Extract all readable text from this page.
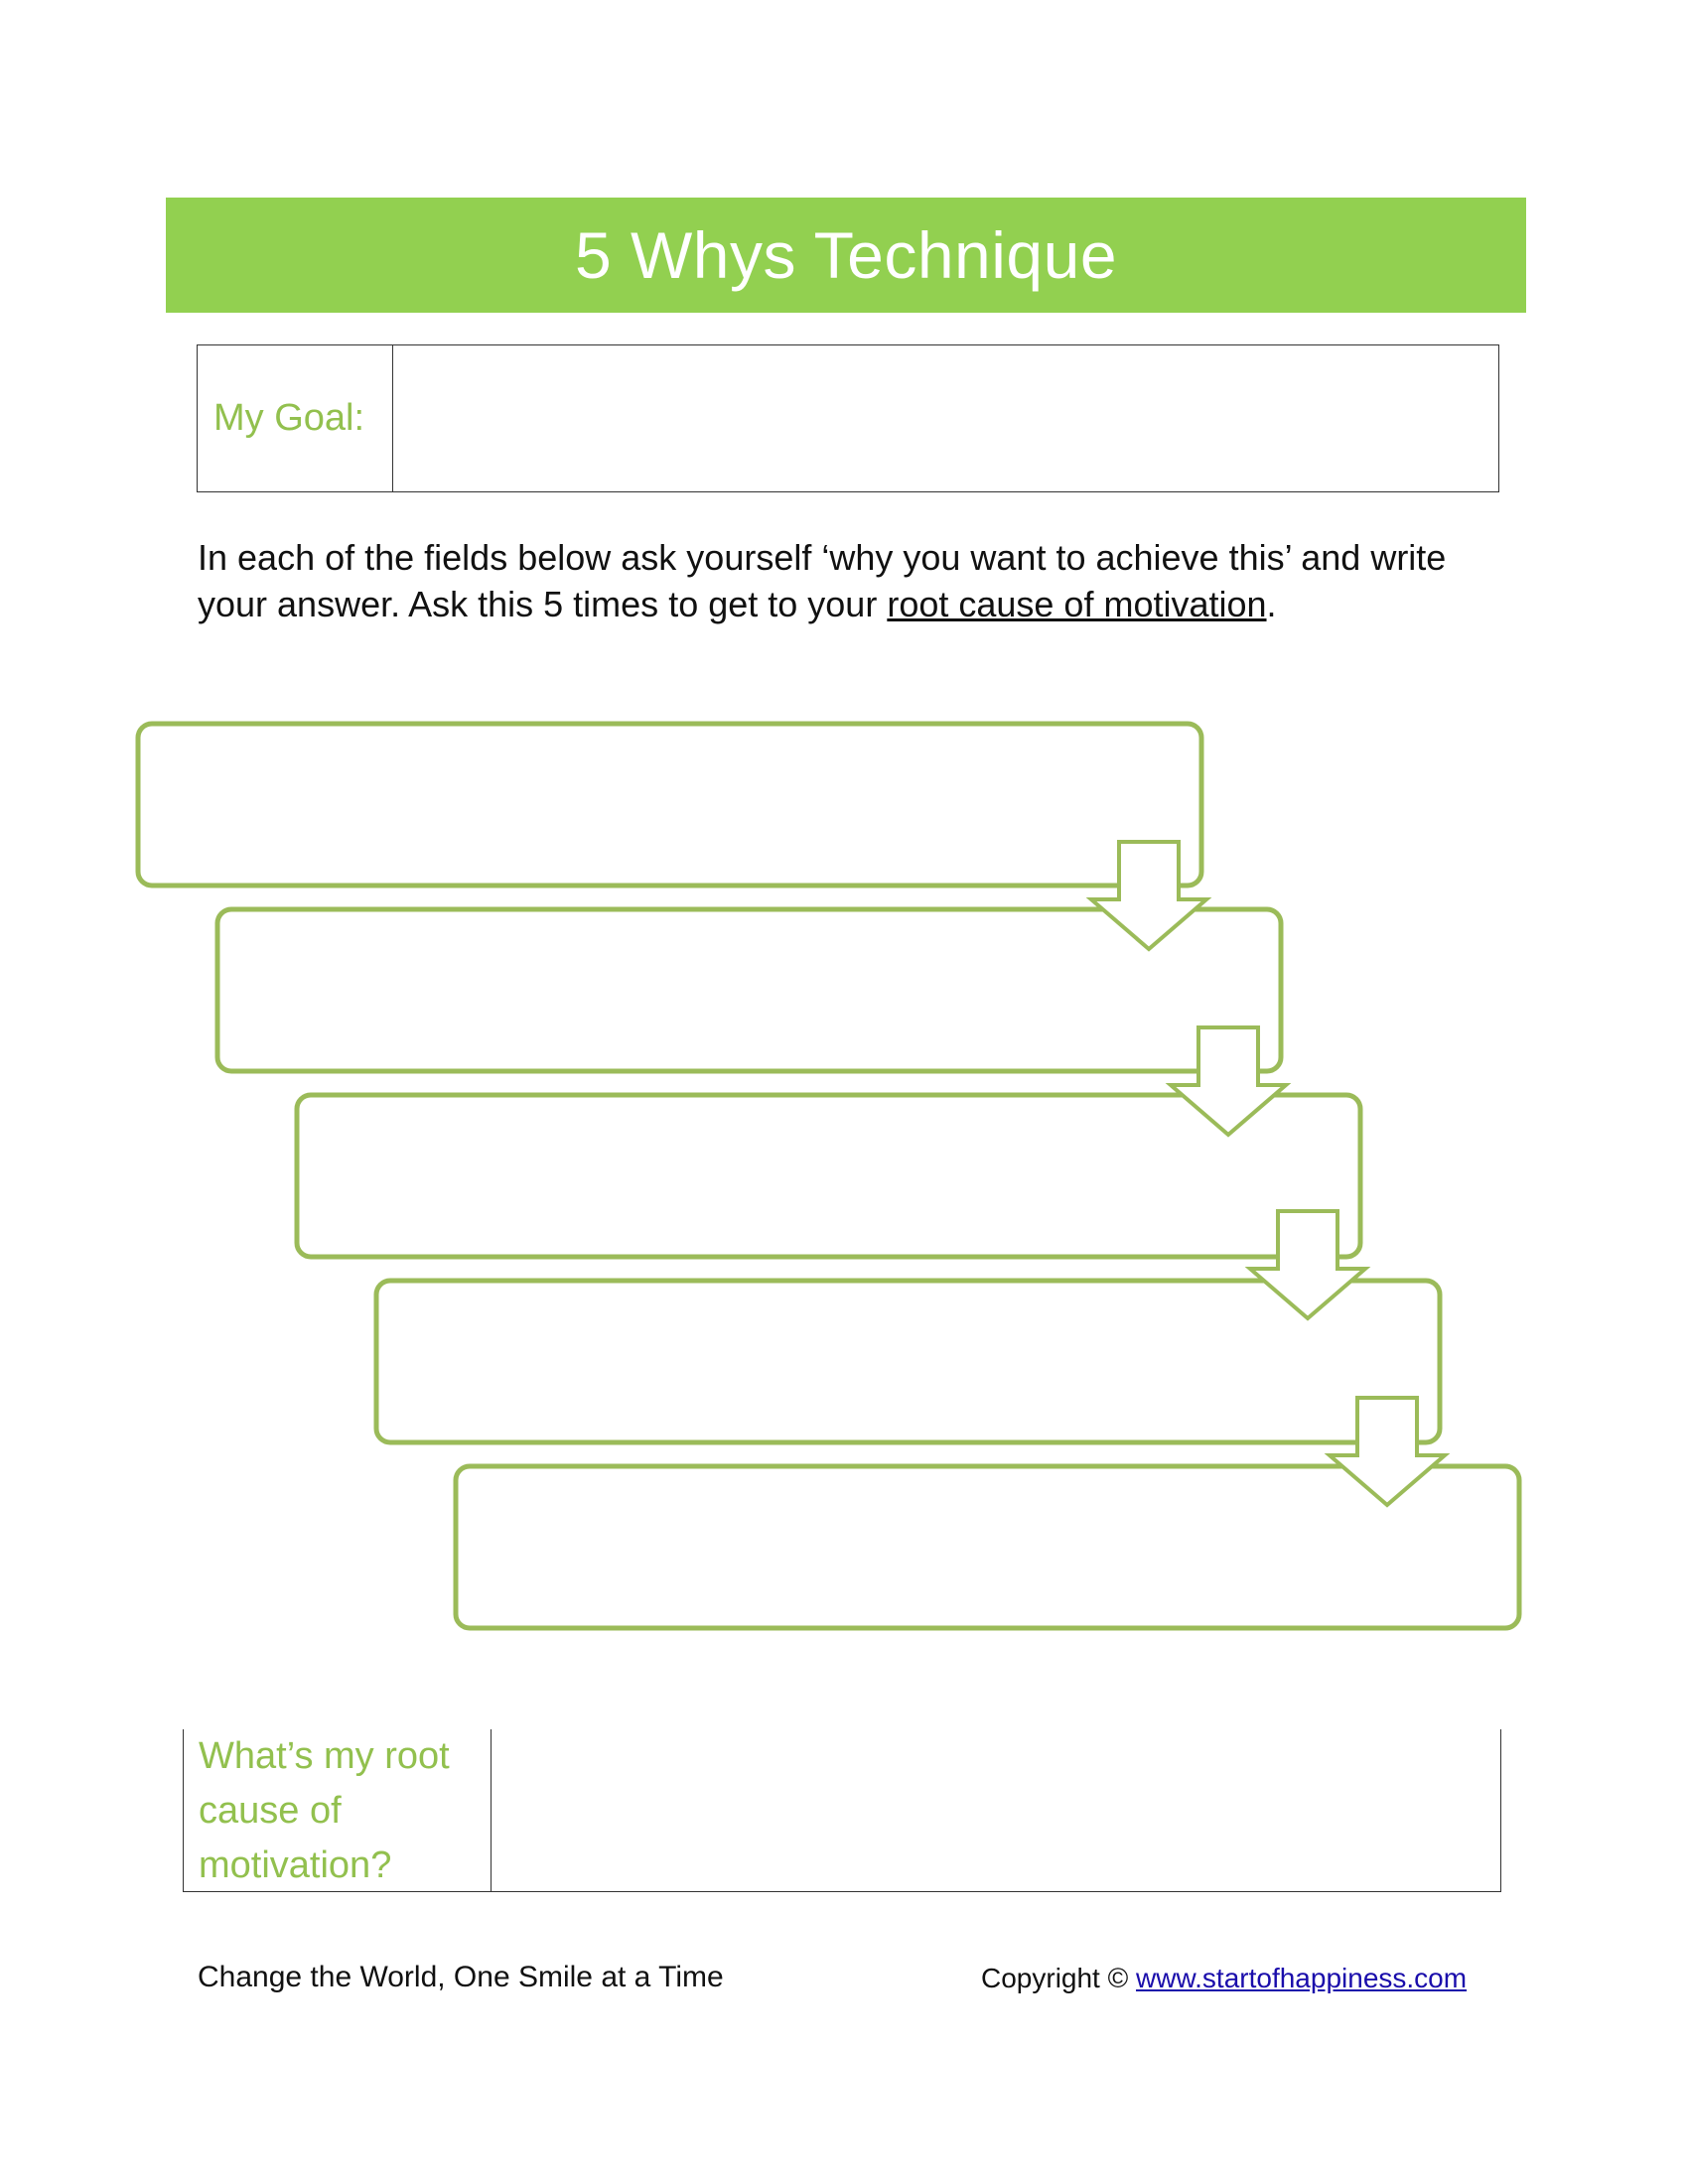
5 Whys Technique
My Goal:
In each of the fields below ask yourself ‘why you want to achieve this’ and write your answer. Ask this 5 times to get to your root cause of motivation.
What’s my root
cause of
motivation?
Change the World, One Smile at a Time	Copyright © www.startofhappiness.com
